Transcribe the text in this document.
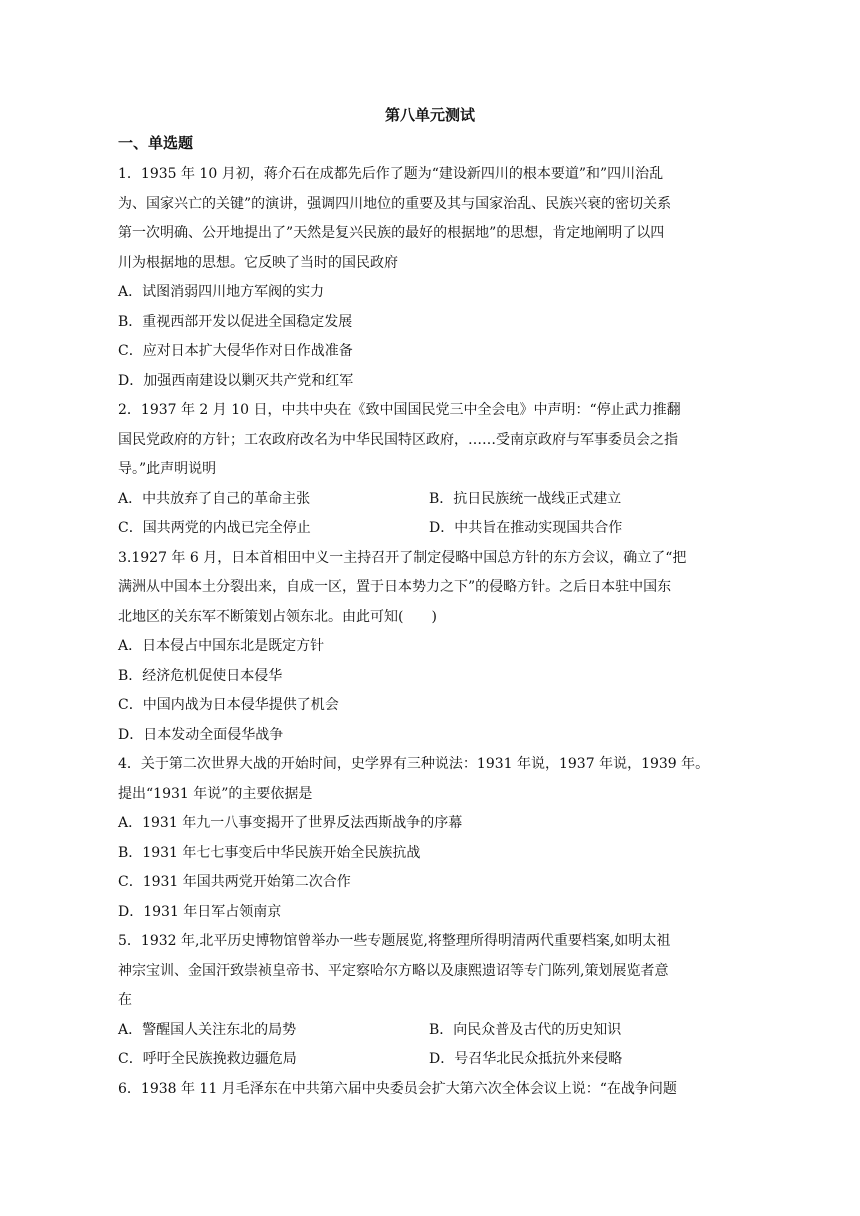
第八单元测试
一、单选题

1．1935 年 10 月初，蒋介石在成都先后作了题为“建设新四川的根本要道”和”四川治乱
为、国家兴亡的关键”的演讲，强调四川地位的重要及其与国家治乱、民族兴衰的密切关系
第一次明确、公开地提出了”天然是复兴民族的最好的根据地”的思想，肯定地阐明了以四
川为根据地的思想。它反映了当时的国民政府

A．试图消弱四川地方军阀的实力
B．重视西部开发以促进全国稳定发展
C．应对日本扩大侵华作对日作战准备
D．加强西南建设以剿灭共产党和红军

2．1937 年 2 月 10 日，中共中央在《致中国国民党三中全会电》中声明：“停止武力推翻
国民党政府的方针；工农政府改名为中华民国特区政府，……受南京政府与军事委员会之指
导。”此声明说明

A．中共放弃了自己的革命主张	B．抗日民族统一战线正式建立
C．国共两党的内战已完全停止	D．中共旨在推动实现国共合作

3.1927 年 6 月，日本首相田中义一主持召开了制定侵略中国总方针的东方会议，确立了“把
满洲从中国本土分裂出来，自成一区，置于日本势力之下”的侵略方针。之后日本驻中国东
北地区的关东军不断策划占领东北。由此可知(　　)

A．日本侵占中国东北是既定方针
B．经济危机促使日本侵华
C．中国内战为日本侵华提供了机会
D．日本发动全面侵华战争

4．关于第二次世界大战的开始时间，史学界有三种说法：1931 年说，1937 年说，1939 年。
提出“1931 年说”的主要依据是

A．1931 年九一八事变揭开了世界反法西斯战争的序幕
B．1931 年七七事变后中华民族开始全民族抗战
C．1931 年国共两党开始第二次合作
D．1931 年日军占领南京

5．1932 年,北平历史博物馆曾举办一些专题展览,将整理所得明清两代重要档案,如明太祖
神宗宝训、金国汗致崇祯皇帝书、平定察哈尔方略以及康熙遗诏等专门陈列,策划展览者意
在

A．警醒国人关注东北的局势	B．向民众普及古代的历史知识
C．呼吁全民族挽救边疆危局	D．号召华北民众抵抗外来侵略

6．1938 年 11 月毛泽东在中共第六届中央委员会扩大第六次全体会议上说：“在战争问题
